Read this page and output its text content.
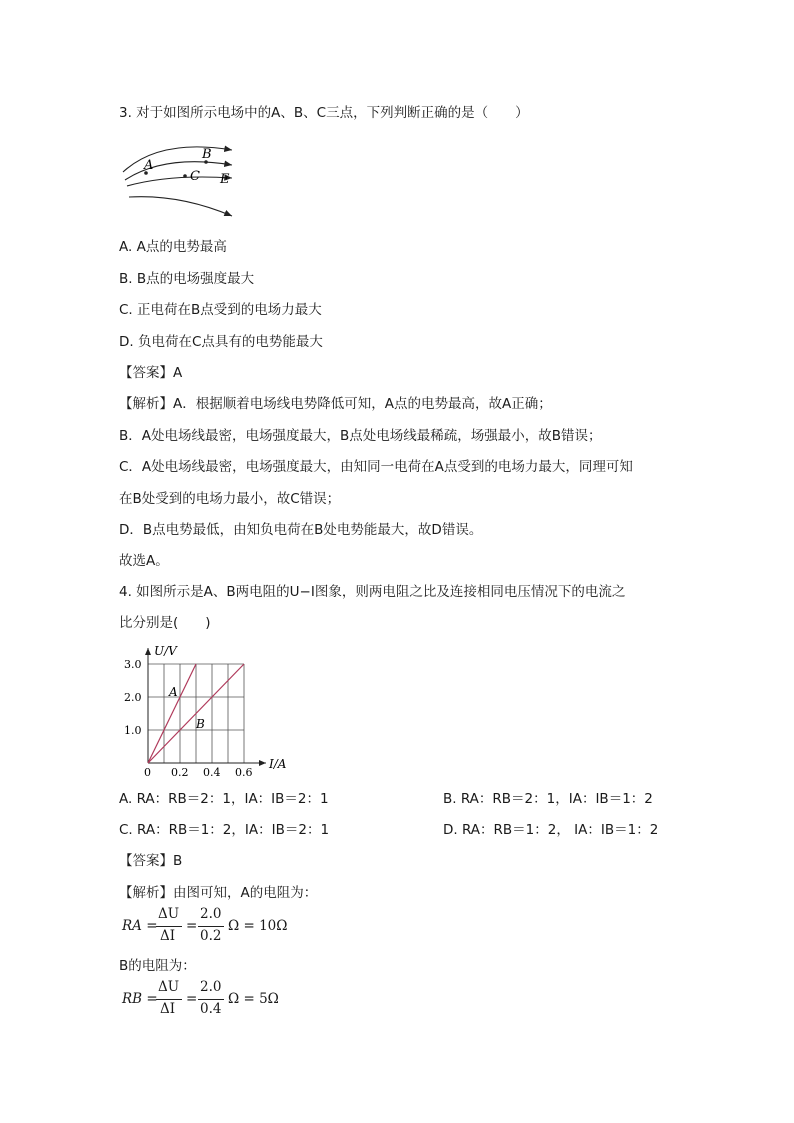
3. 对于如图所示电场中的A、B、C三点，下列判断正确的是（　　）
A
B
C E
A. A点的电势最高
B. B点的电场强度最大
C. 正电荷在B点受到的电场力最大
D. 负电荷在C点具有的电势能最大
【答案】A
【解析】A．根据顺着电场线电势降低可知，A点的电势最高，故A正确；
B．A处电场线最密，电场强度最大，B点处电场线最稀疏，场强最小，故B错误；
C．A处电场线最密，电场强度最大，由知同一电荷在A点受到的电场力最大，同理可知
在B处受到的电场力最小，故C错误；
D．B点电势最低，由知负电荷在B处电势能最大，故D错误。
故选A。
4. 如图所示是A、B两电阻的U−I图象，则两电阻之比及连接相同电压情况下的电流之
比分别是(　　)
U/V
I/A
3.0
2.0
1.0
0 0.2 0.4 0.6
A
B
A. RA：RB＝2：1，IA：IB＝2：1	B. RA：RB＝2：1，IA：IB＝1：2
C. RA：RB＝1：2，IA：IB＝2：1	D. RA：RB＝1：2， IA：IB＝1：2
【答案】B
【解析】由图可知，A的电阻为：
RA =
ΔU
ΔI
=
2.0
0.2
Ω = 10Ω
B的电阻为：
RB =
ΔU
ΔI
=
2.0
0.4
Ω = 5Ω
